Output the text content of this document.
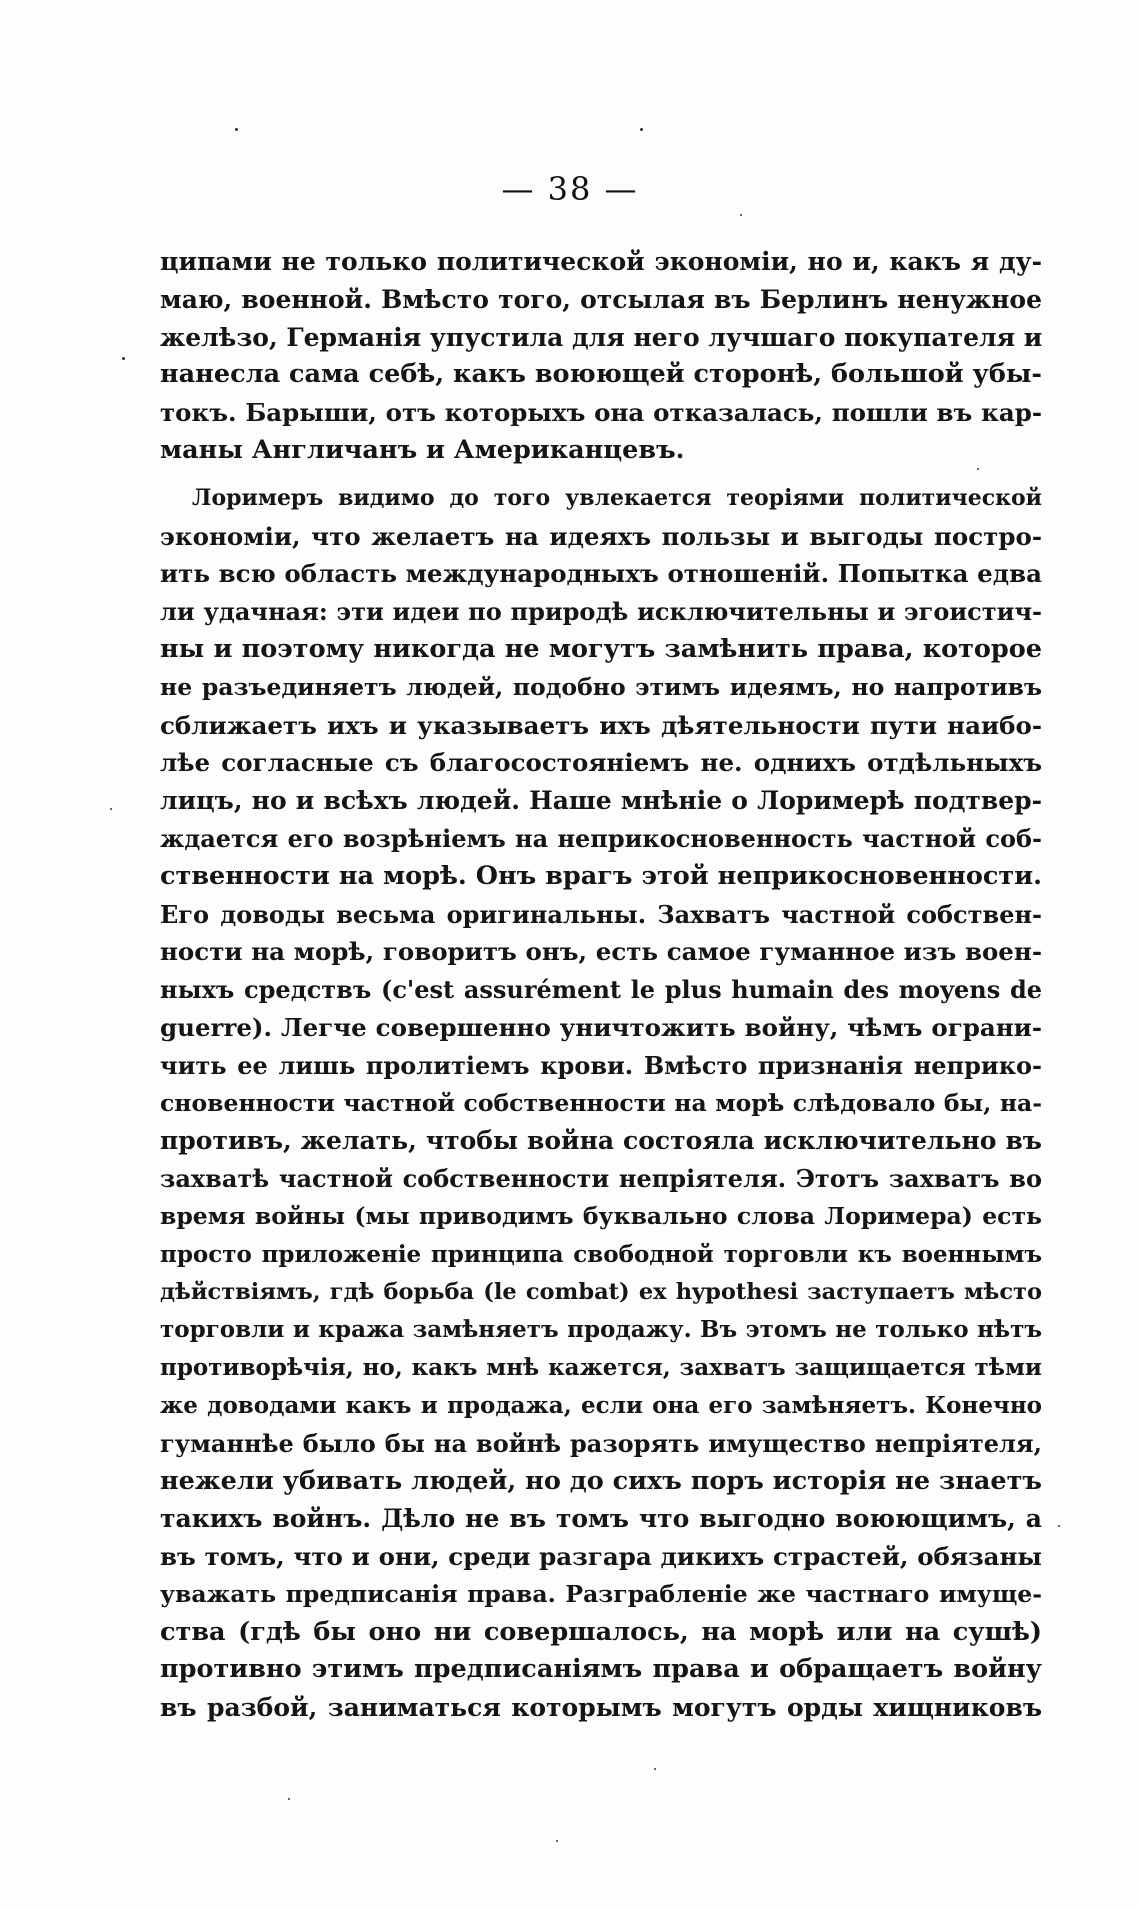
— 38 —
ципами не только политической экономіи, но и, какъ я ду-
маю, военной. Вмѣсто того, отсылая въ Берлинъ ненужное
желѣзо, Германія упустила для него лучшаго покупателя и
нанесла сама себѣ, какъ воюющей сторонѣ, большой убы-
токъ. Барыши, отъ которыхъ она отказалась, пошли въ кар-
маны Англичанъ и Американцевъ.
Лоримеръ видимо до того увлекается теоріями политической
экономіи, что желаетъ на идеяхъ пользы и выгоды постро-
ить всю область международныхъ отношеній. Попытка едва
ли удачная: эти идеи по природѣ исключительны и эгоистич-
ны и поэтому никогда не могутъ замѣнить права, которое
не разъединяетъ людей, подобно этимъ идеямъ, но напротивъ
сближаетъ ихъ и указываетъ ихъ дѣятельности пути наибо-
лѣе согласные съ благосостояніемъ не. однихъ отдѣльныхъ
лицъ, но и всѣхъ людей. Наше мнѣніе о Лоримерѣ подтвер-
ждается его возрѣніемъ на неприкосновенность частной соб-
ственности на морѣ. Онъ врагъ этой неприкосновенности.
Его доводы весьма оригинальны. Захватъ частной собствен-
ности на морѣ, говоритъ онъ, есть самое гуманное изъ воен-
ныхъ средствъ (c'est assurément le plus humain des moyens de
guerre). Легче совершенно уничтожить войну, чѣмъ ограни-
чить ее лишь пролитіемъ крови. Вмѣсто признанія неприко-
сновенности частной собственности на морѣ слѣдовало бы, на-
противъ, желать, чтобы война состояла исключительно въ
захватѣ частной собственности непріятеля. Этотъ захватъ во
время войны (мы приводимъ буквально слова Лоримера) есть
просто приложеніе принципа свободной торговли къ военнымъ
дѣйствіямъ, гдѣ борьба (le combat) ex hypothesi заступаетъ мѣсто
торговли и кража замѣняетъ продажу. Въ этомъ не только нѣтъ
противорѣчія, но, какъ мнѣ кажется, захватъ защищается тѣми
же доводами какъ и продажа, если она его замѣняетъ. Конечно
гуманнѣе было бы на войнѣ разорять имущество непріятеля,
нежели убивать людей, но до сихъ поръ исторія не знаетъ
такихъ войнъ. Дѣло не въ томъ что выгодно воюющимъ, а
въ томъ, что и они, среди разгара дикихъ страстей, обязаны
уважать предписанія права. Разграбленіе же частнаго имуще-
ства (гдѣ бы оно ни совершалось, на морѣ или на сушѣ)
противно этимъ предписаніямъ права и обращаетъ войну
въ разбой, заниматься которымъ могутъ орды хищниковъ
